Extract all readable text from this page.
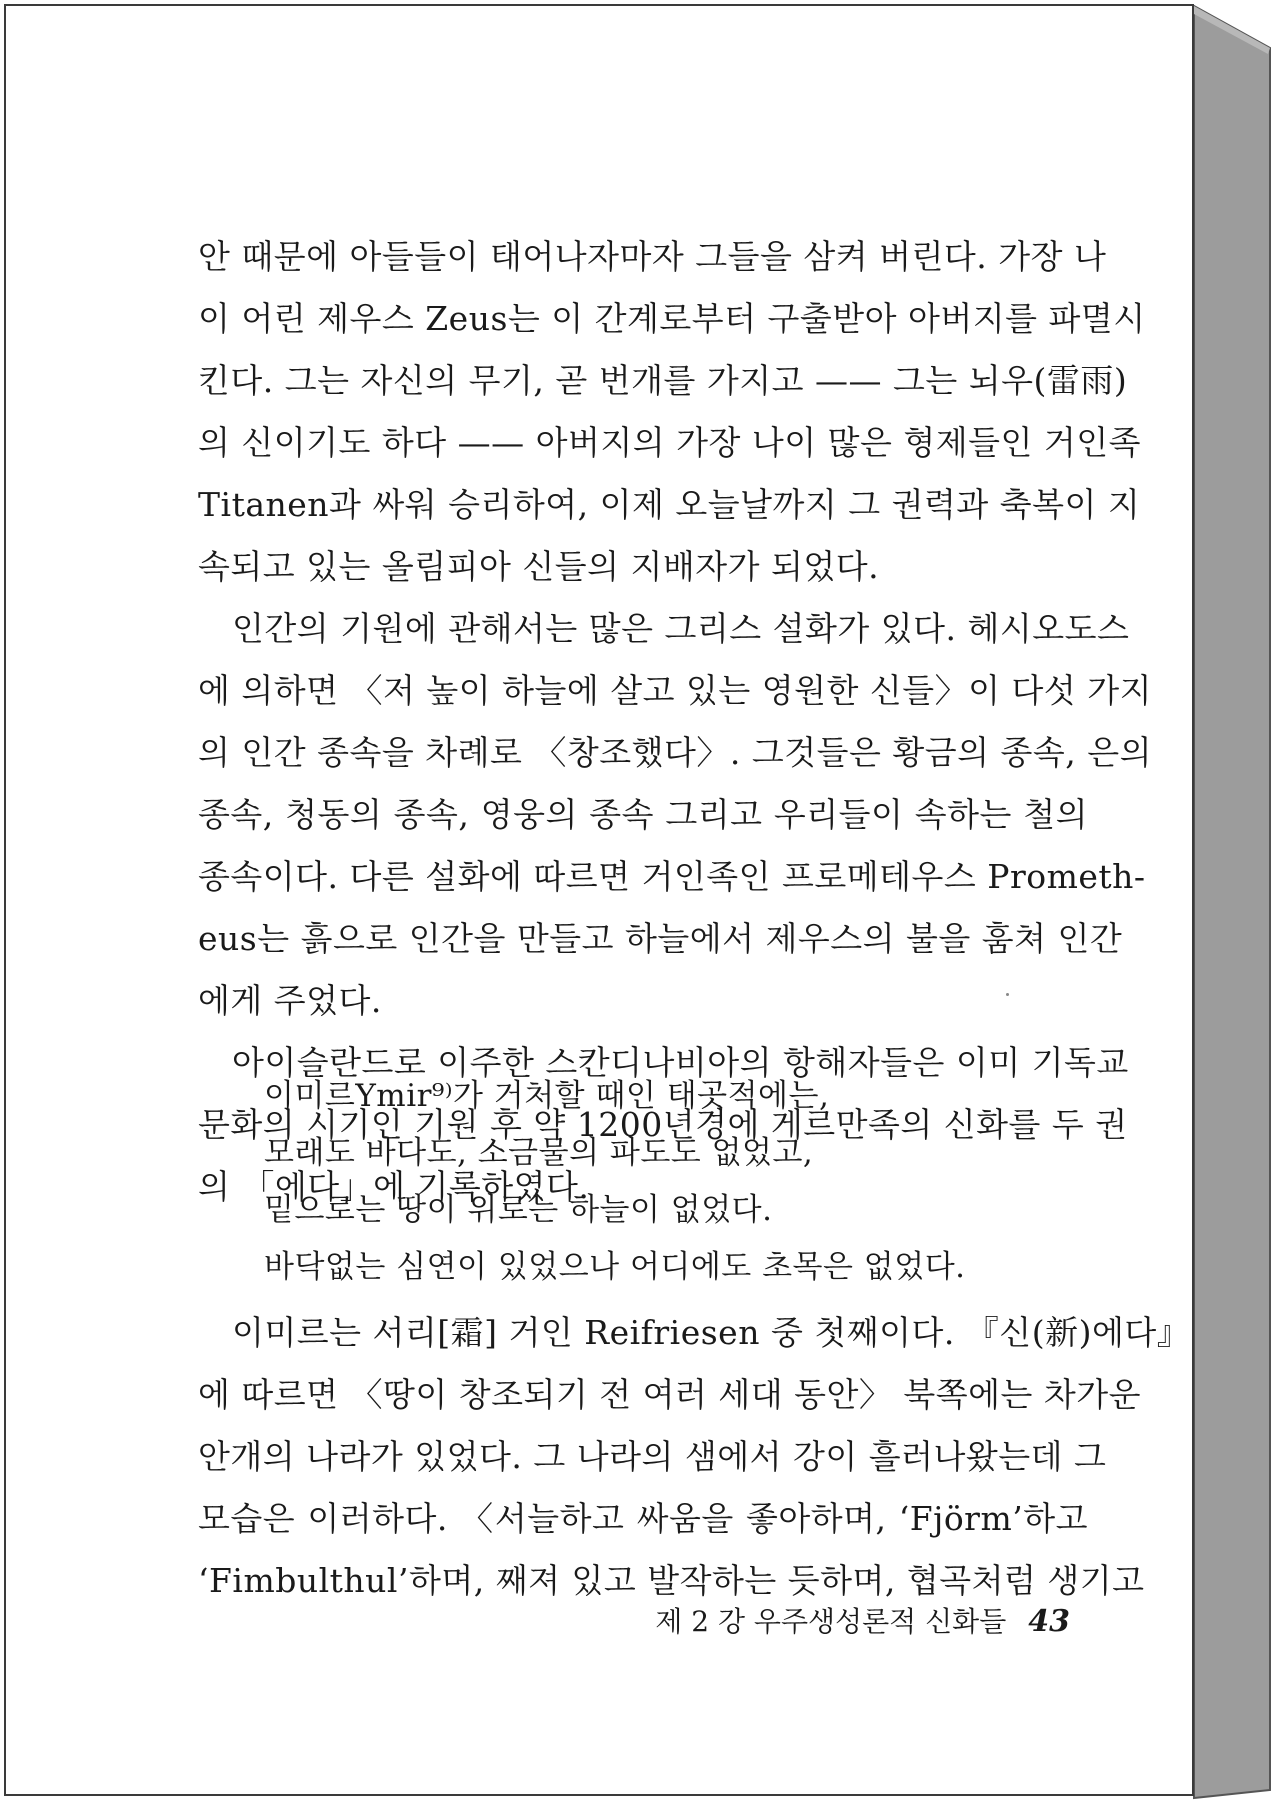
안 때문에 아들들이 태어나자마자 그들을 삼켜 버린다. 가장 나
이 어린 제우스 Zeus는 이 간계로부터 구출받아 아버지를 파멸시
킨다. 그는 자신의 무기, 곧 번개를 가지고 —— 그는 뇌우(雷雨)
의 신이기도 하다 —— 아버지의 가장 나이 많은 형제들인 거인족
Titanen과 싸워 승리하여, 이제 오늘날까지 그 권력과 축복이 지
속되고 있는 올림피아 신들의 지배자가 되었다.
인간의 기원에 관해서는 많은 그리스 설화가 있다. 헤시오도스
에 의하면 〈저 높이 하늘에 살고 있는 영원한 신들〉이 다섯 가지
의 인간 종속을 차례로 〈창조했다〉. 그것들은 황금의 종속, 은의
종속, 청동의 종속, 영웅의 종속 그리고 우리들이 속하는 철의
종속이다. 다른 설화에 따르면 거인족인 프로메테우스 Prometh-
eus는 흙으로 인간을 만들고 하늘에서 제우스의 불을 훔쳐 인간
에게 주었다.
아이슬란드로 이주한 스칸디나비아의 항해자들은 이미 기독교
문화의 시기인 기원 후 약 1200년경에 게르만족의 신화를 두 권
의 「에다」에 기록하였다.
이미르Ymir⁹⁾가 거처할 때인 태곳적에는,
모래도 바다도, 소금물의 파도도 없었고,
밑으로는 땅이 위로는 하늘이 없었다.
바닥없는 심연이 있었으나 어디에도 초목은 없었다.
이미르는 서리[霜] 거인 Reifriesen 중 첫째이다. 『신(新)에다』
에 따르면 〈땅이 창조되기 전 여러 세대 동안〉 북쪽에는 차가운
안개의 나라가 있었다. 그 나라의 샘에서 강이 흘러나왔는데 그
모습은 이러하다. 〈서늘하고 싸움을 좋아하며, ‘Fjörm’하고
‘Fimbulthul’하며, 째져 있고 발작하는 듯하며, 협곡처럼 생기고
제 2 강 우주생성론적 신화들 43
